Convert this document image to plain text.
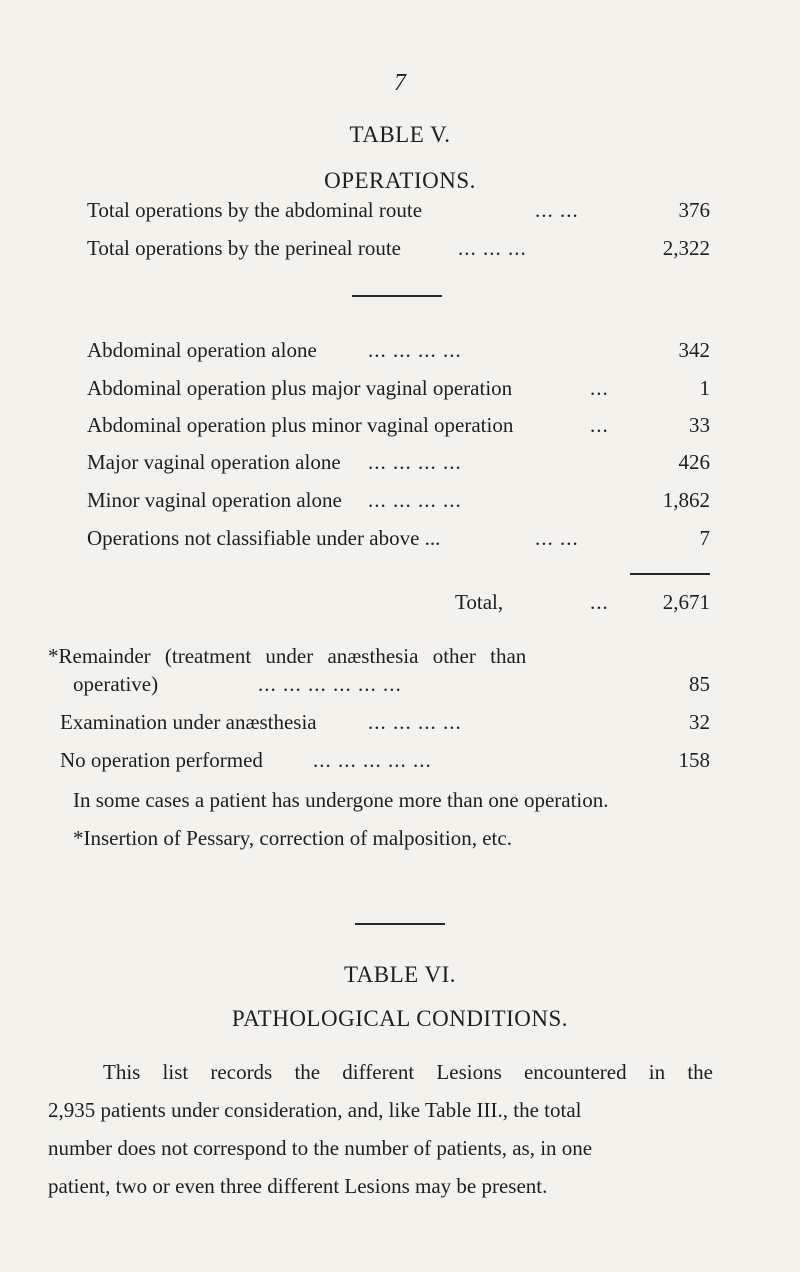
7
TABLE V.
OPERATIONS.
Total operations by the abdominal route	... ...	376
Total operations by the perineal route	... ... ...	2,322
Abdominal operation alone ... ... ... ...	342
Abdominal operation plus major vaginal operation	...	1
Abdominal operation plus minor vaginal operation	...	33
Major vaginal operation alone ... ... ... ...	426
Minor vaginal operation alone ... ... ... ...	1,862
Operations not classifiable under above ...	... ...	7
Total,	...	2,671
*Remainder (treatment under anæsthesia other than
operative)	... ... ... ... ... ...	85
Examination under anæsthesia ... ... ... ...	32
No operation performed ... ... ... ... ...	158
In some cases a patient has undergone more than one operation.
*Insertion of Pessary, correction of malposition, etc.
TABLE VI.
PATHOLOGICAL CONDITIONS.
This list records the different Lesions encountered in the
2,935 patients under consideration, and, like Table III., the total
number does not correspond to the number of patients, as, in one
patient, two or even three different Lesions may be present.
